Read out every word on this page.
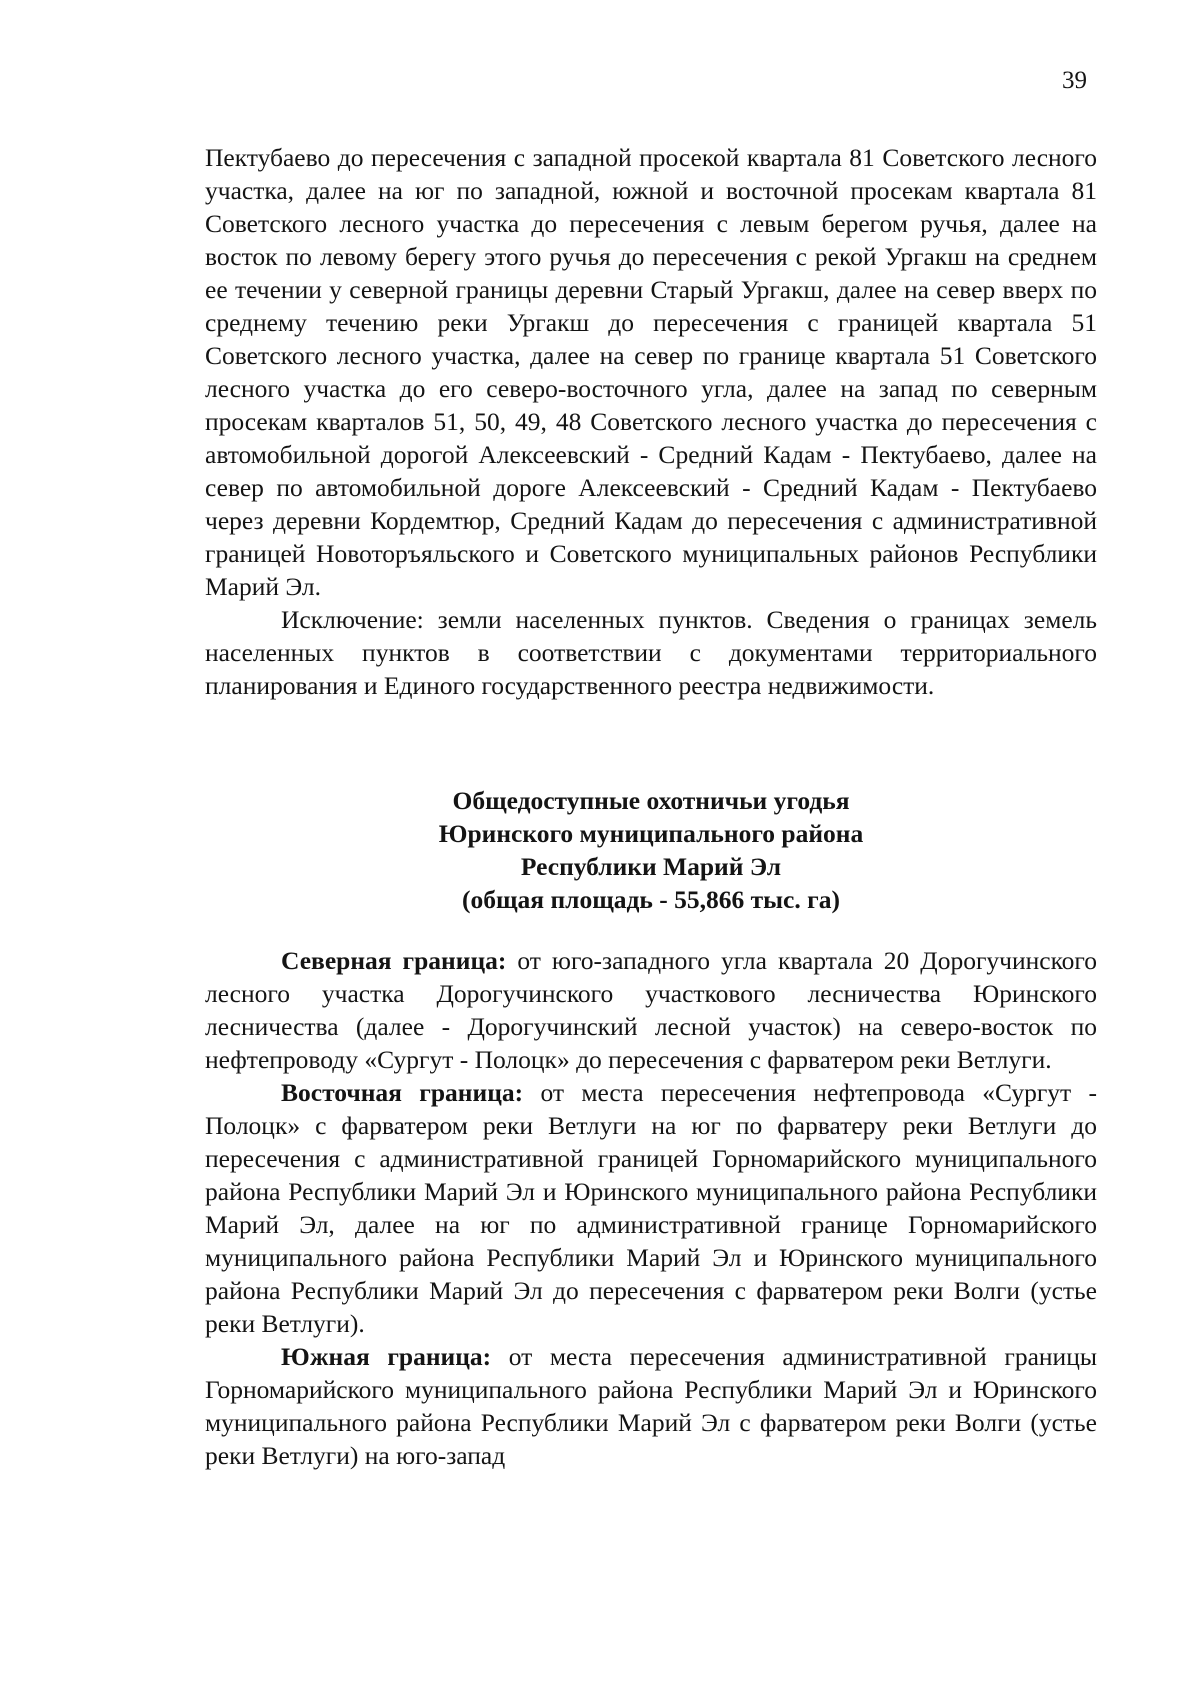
39

Пектубаево до пересечения с западной просекой квартала 81 Советского лесного участка, далее на юг по западной, южной и восточной просекам квартала 81 Советского лесного участка до пересечения с левым берегом ручья, далее на восток по левому берегу этого ручья до пересечения с рекой Ургакш на среднем ее течении у северной границы деревни Старый Ургакш, далее на север вверх по среднему течению реки Ургакш до пересечения с границей квартала 51 Советского лесного участка, далее на север по границе квартала 51 Советского лесного участка до его северо-восточного угла, далее на запад по северным просекам кварталов 51, 50, 49, 48 Советского лесного участка до пересечения с автомобильной дорогой Алексеевский - Средний Кадам - Пектубаево, далее на север по автомобильной дороге Алексеевский - Средний Кадам - Пектубаево через деревни Кордемтюр, Средний Кадам до пересечения с административной границей Новоторъяльского и Советского муниципальных районов Республики Марий Эл.

Исключение: земли населенных пунктов. Сведения о границах земель населенных пунктов в соответствии с документами территориального планирования и Единого государственного реестра недвижимости.

Общедоступные охотничьи угодья
Юринского муниципального района
Республики Марий Эл
(общая площадь - 55,866 тыс. га)

Северная граница: от юго-западного угла квартала 20 Дорогучинского лесного участка Дорогучинского участкового лесничества Юринского лесничества (далее - Дорогучинский лесной участок) на северо-восток по нефтепроводу «Сургут - Полоцк» до пересечения с фарватером реки Ветлуги.

Восточная граница: от места пересечения нефтепровода «Сургут - Полоцк» с фарватером реки Ветлуги на юг по фарватеру реки Ветлуги до пересечения с административной границей Горномарийского муниципального района Республики Марий Эл и Юринского муниципального района Республики Марий Эл, далее на юг по административной границе Горномарийского муниципального района Республики Марий Эл и Юринского муниципального района Республики Марий Эл до пересечения с фарватером реки Волги (устье реки Ветлуги).

Южная граница: от места пересечения административной границы Горномарийского муниципального района Республики Марий Эл и Юринского муниципального района Республики Марий Эл с фарватером реки Волги (устье реки Ветлуги) на юго-запад
